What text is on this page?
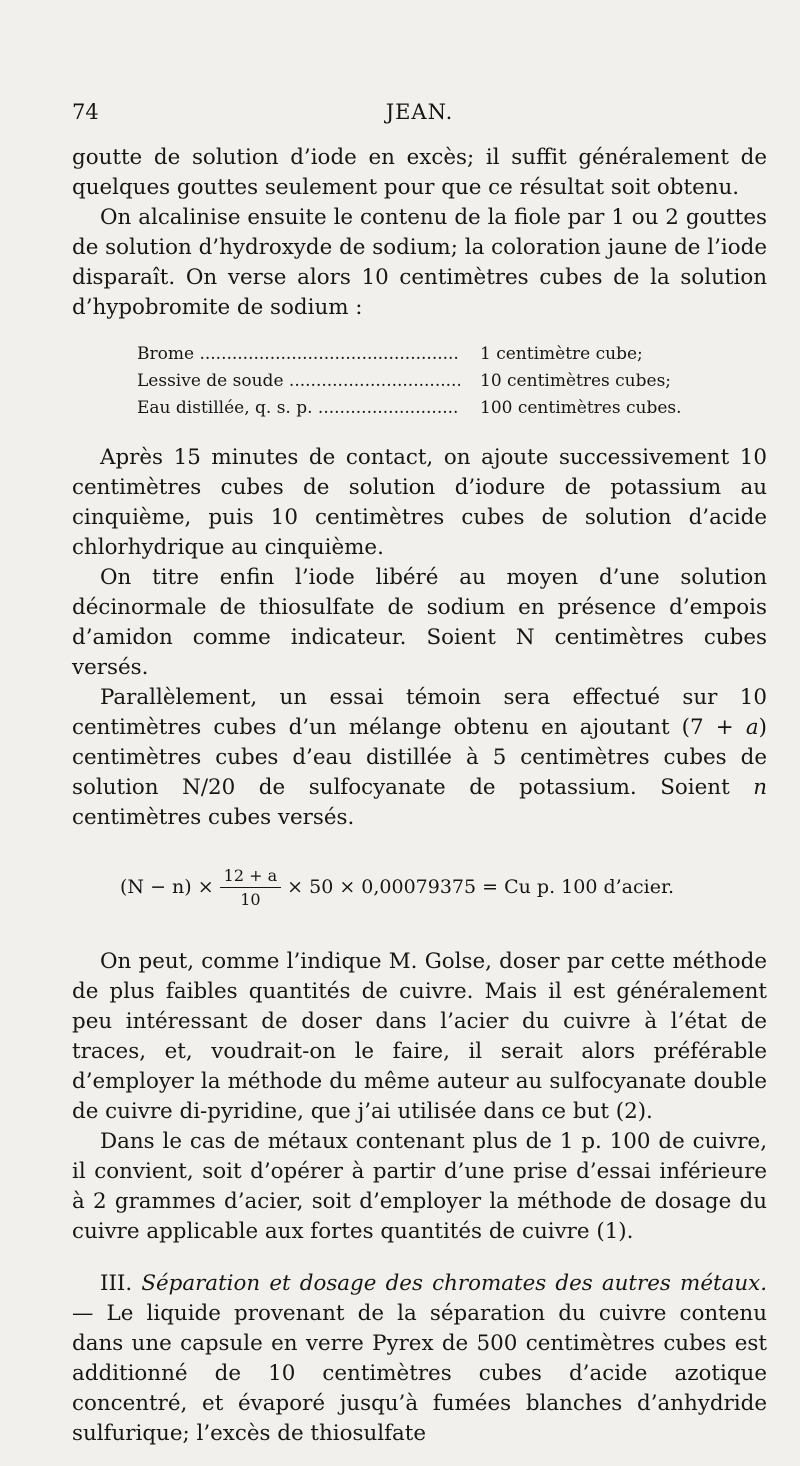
74	JEAN.

goutte de solution d’iode en excès; il suffit généralement de quelques gouttes seulement pour que ce résultat soit obtenu.

On alcalinise ensuite le contenu de la fiole par 1 ou 2 gouttes de solution d’hydroxyde de sodium; la coloration jaune de l’iode disparaît. On verse alors 10 centimètres cubes de la solution d’hypobromite de sodium :

Brome .....	1 centimètre cube;
Lessive de soude .....	10 centimètres cubes;
Eau distillée, q. s. p. .....	100 centimètres cubes.

Après 15 minutes de contact, on ajoute successivement 10 centimètres cubes de solution d’iodure de potassium au cinquième, puis 10 centimètres cubes de solution d’acide chlorhydrique au cinquième.

On titre enfin l’iode libéré au moyen d’une solution décinormale de thiosulfate de sodium en présence d’empois d’amidon comme indicateur. Soient N centimètres cubes versés.

Parallèlement, un essai témoin sera effectué sur 10 centimètres cubes d’un mélange obtenu en ajoutant (7 + a) centimètres cubes d’eau distillée à 5 centimètres cubes de solution N/20 de sulfocyanate de potassium. Soient n centimètres cubes versés.

$(N - n) \times \frac{12 + a}{10} \times 50 \times 0,00079375 = Cu$ p. 100 d’acier.

On peut, comme l’indique M. Golse, doser par cette méthode de plus faibles quantités de cuivre. Mais il est généralement peu intéressant de doser dans l’acier du cuivre à l’état de traces, et, voudrait-on le faire, il serait alors préférable d’employer la méthode du même auteur au sulfocyanate double de cuivre di-pyridine, que j’ai utilisée dans ce but (2).

Dans le cas de métaux contenant plus de 1 p. 100 de cuivre, il convient, soit d’opérer à partir d’une prise d’essai inférieure à 2 grammes d’acier, soit d’employer la méthode de dosage du cuivre applicable aux fortes quantités de cuivre (1).

III. Séparation et dosage des chromates des autres métaux. — Le liquide provenant de la séparation du cuivre contenu dans une capsule en verre Pyrex de 500 centimètres cubes est additionné de 10 centimètres cubes d’acide azotique concentré, et évaporé jusqu’à fumées blanches d’anhydride sulfurique; l’excès de thiosulfate
